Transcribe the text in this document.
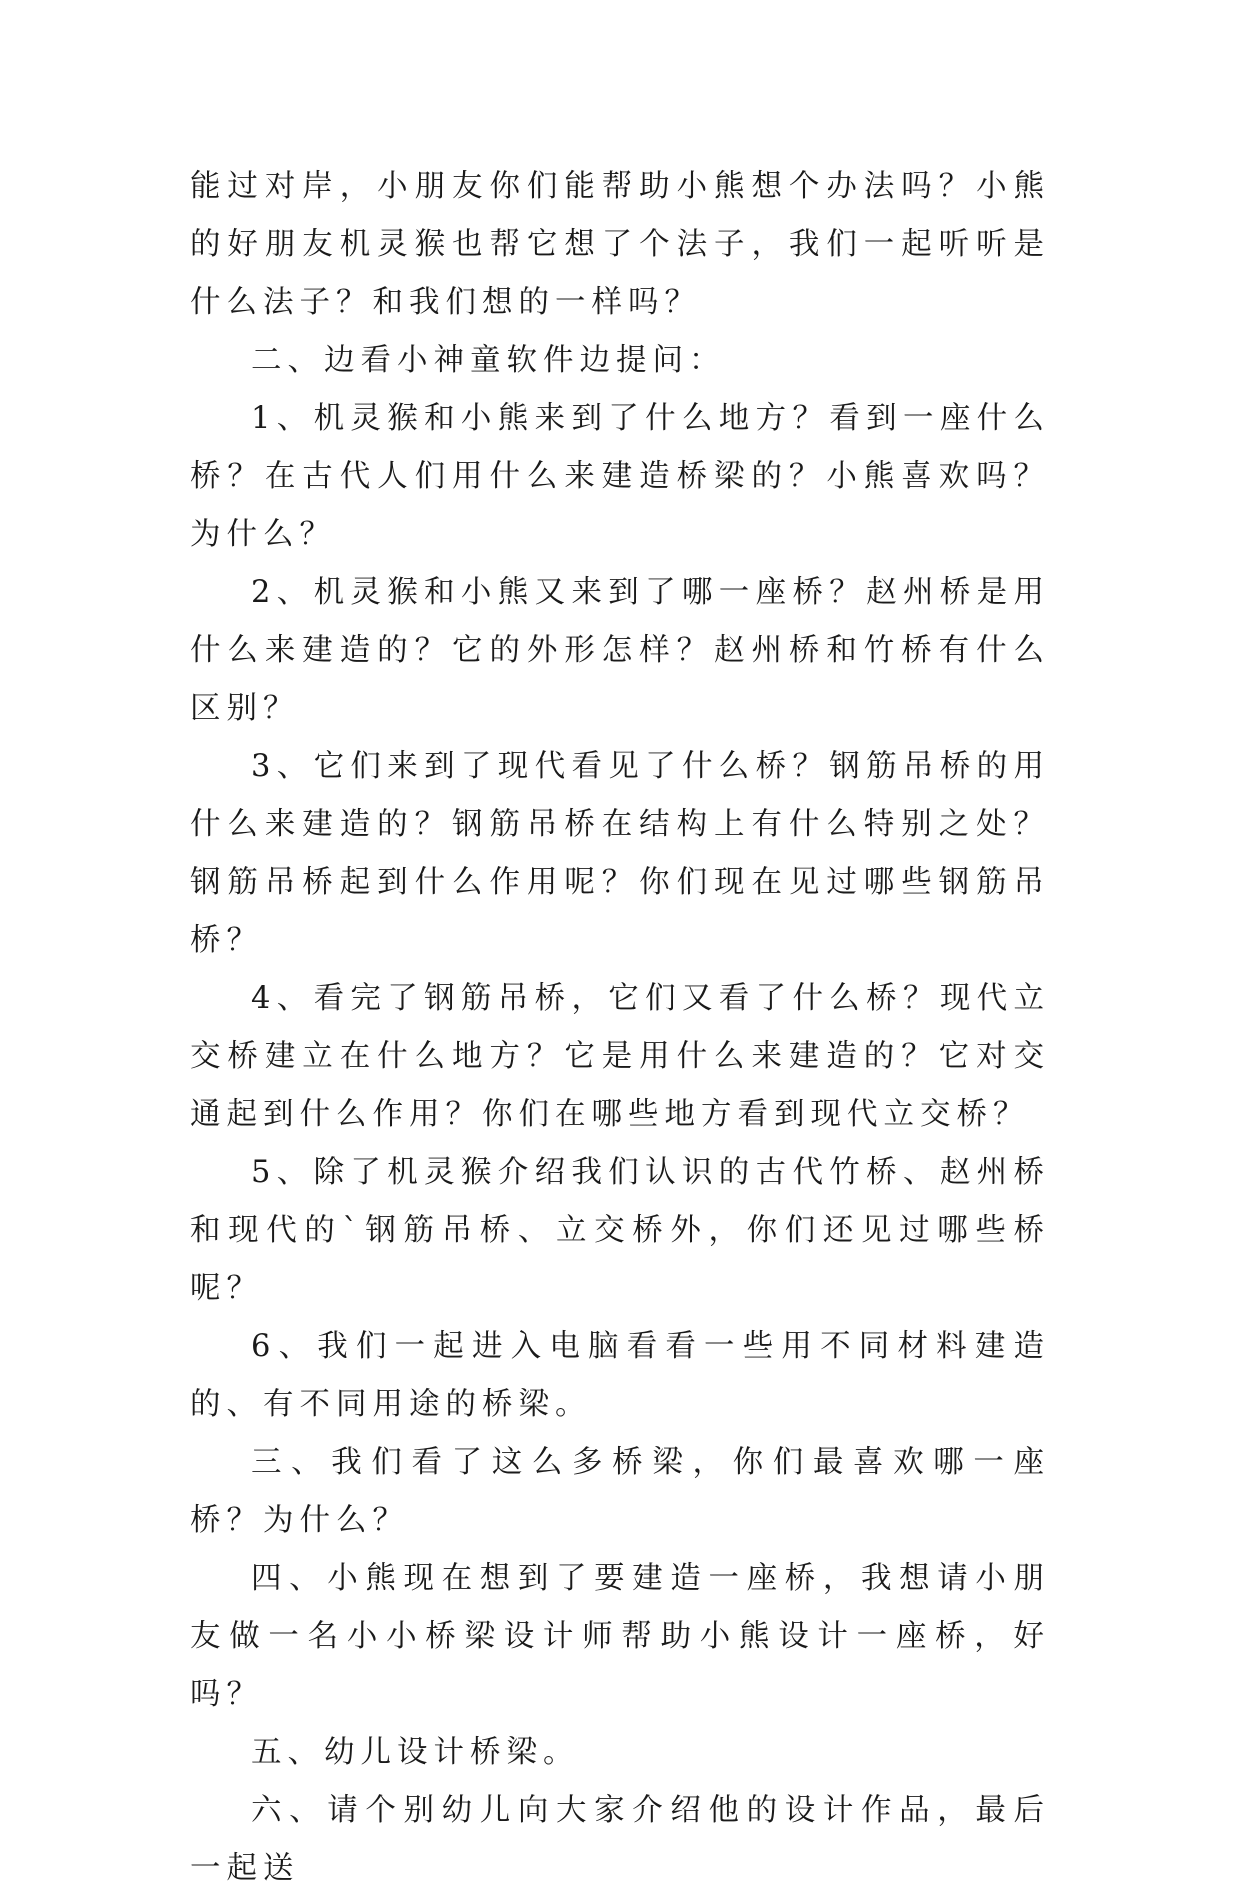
能过对岸，小朋友你们能帮助小熊想个办法吗？小熊的好朋友机灵猴也帮它想了个法子，我们一起听听是什么法子？和我们想的一样吗？

二、边看小神童软件边提问：

1、机灵猴和小熊来到了什么地方？看到一座什么桥？在古代人们用什么来建造桥梁的？小熊喜欢吗？为什么？

2、机灵猴和小熊又来到了哪一座桥？赵州桥是用什么来建造的？它的外形怎样？赵州桥和竹桥有什么区别？

3、它们来到了现代看见了什么桥？钢筋吊桥的用什么来建造的？钢筋吊桥在结构上有什么特别之处？钢筋吊桥起到什么作用呢？你们现在见过哪些钢筋吊桥？

4、看完了钢筋吊桥，它们又看了什么桥？现代立交桥建立在什么地方？它是用什么来建造的？它对交通起到什么作用？你们在哪些地方看到现代立交桥？

5、除了机灵猴介绍我们认识的古代竹桥、赵州桥和现代的`钢筋吊桥、立交桥外，你们还见过哪些桥呢？

6、我们一起进入电脑看看一些用不同材料建造的、有不同用途的桥梁。

三、我们看了这么多桥梁，你们最喜欢哪一座桥？为什么？

四、小熊现在想到了要建造一座桥，我想请小朋友做一名小小桥梁设计师帮助小熊设计一座桥，好吗？

五、幼儿设计桥梁。

六、请个别幼儿向大家介绍他的设计作品，最后一起送
